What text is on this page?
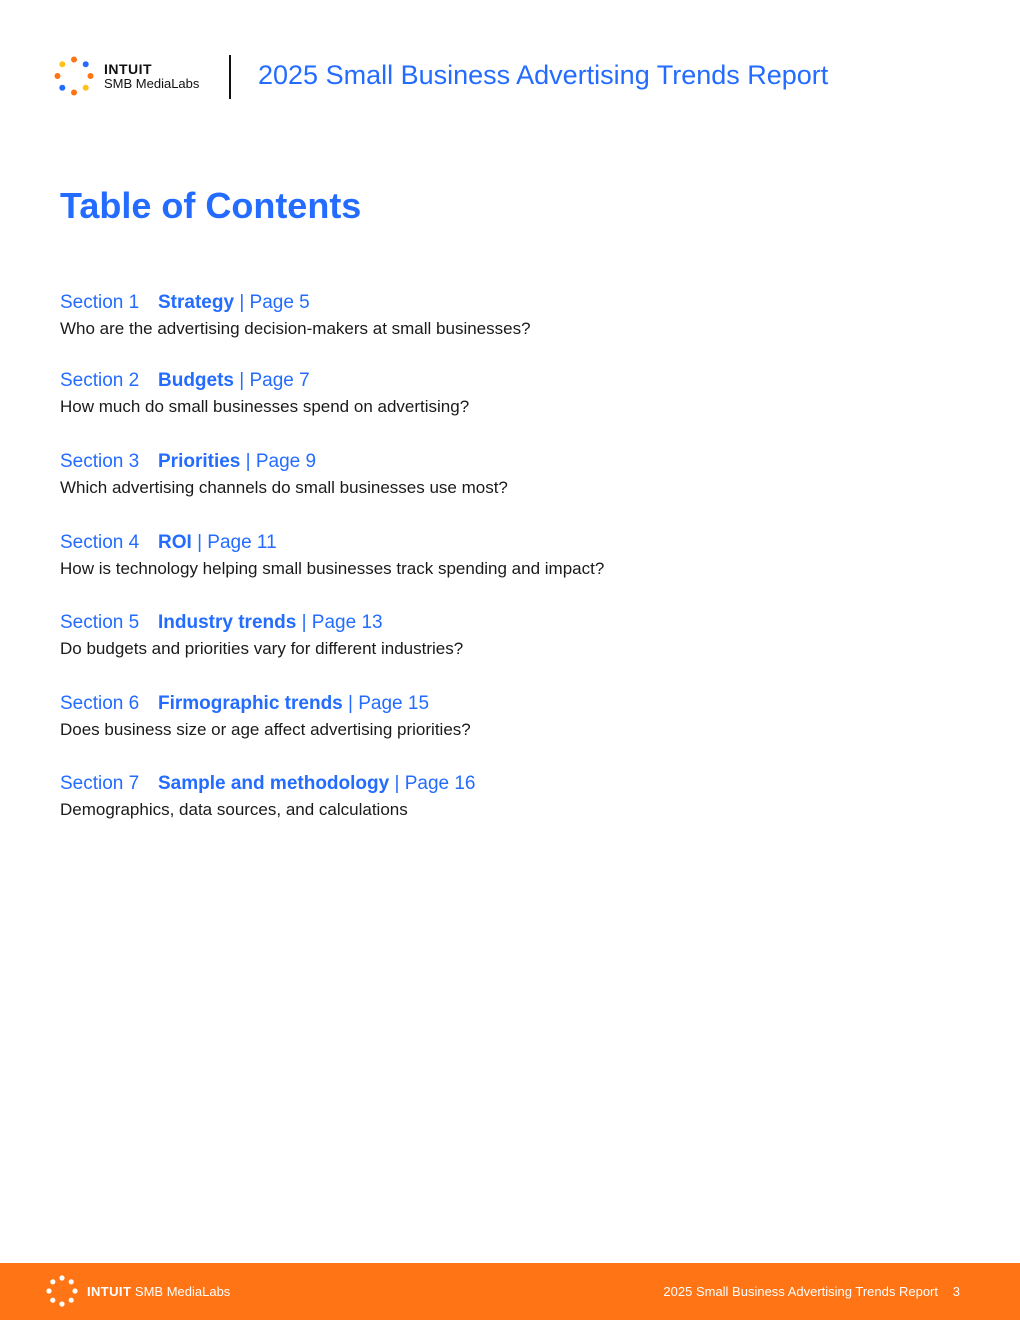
INTUIT
SMB MediaLabs 2025 Small Business Advertising Trends Report
Table of Contents
Section 1 Strategy | Page 5
Who are the advertising decision-makers at small businesses?
Section 2 Budgets | Page 7
How much do small businesses spend on advertising?
Section 3 Priorities | Page 9
Which advertising channels do small businesses use most?
Section 4 ROI | Page 11
How is technology helping small businesses track spending and impact?
Section 5 Industry trends | Page 13
Do budgets and priorities vary for different industries?
Section 6 Firmographic trends | Page 15
Does business size or age affect advertising priorities?
Section 7 Sample and methodology | Page 16
Demographics, data sources, and calculations
INTUIT SMB MediaLabs	2025 Small Business Advertising Trends Report 3
